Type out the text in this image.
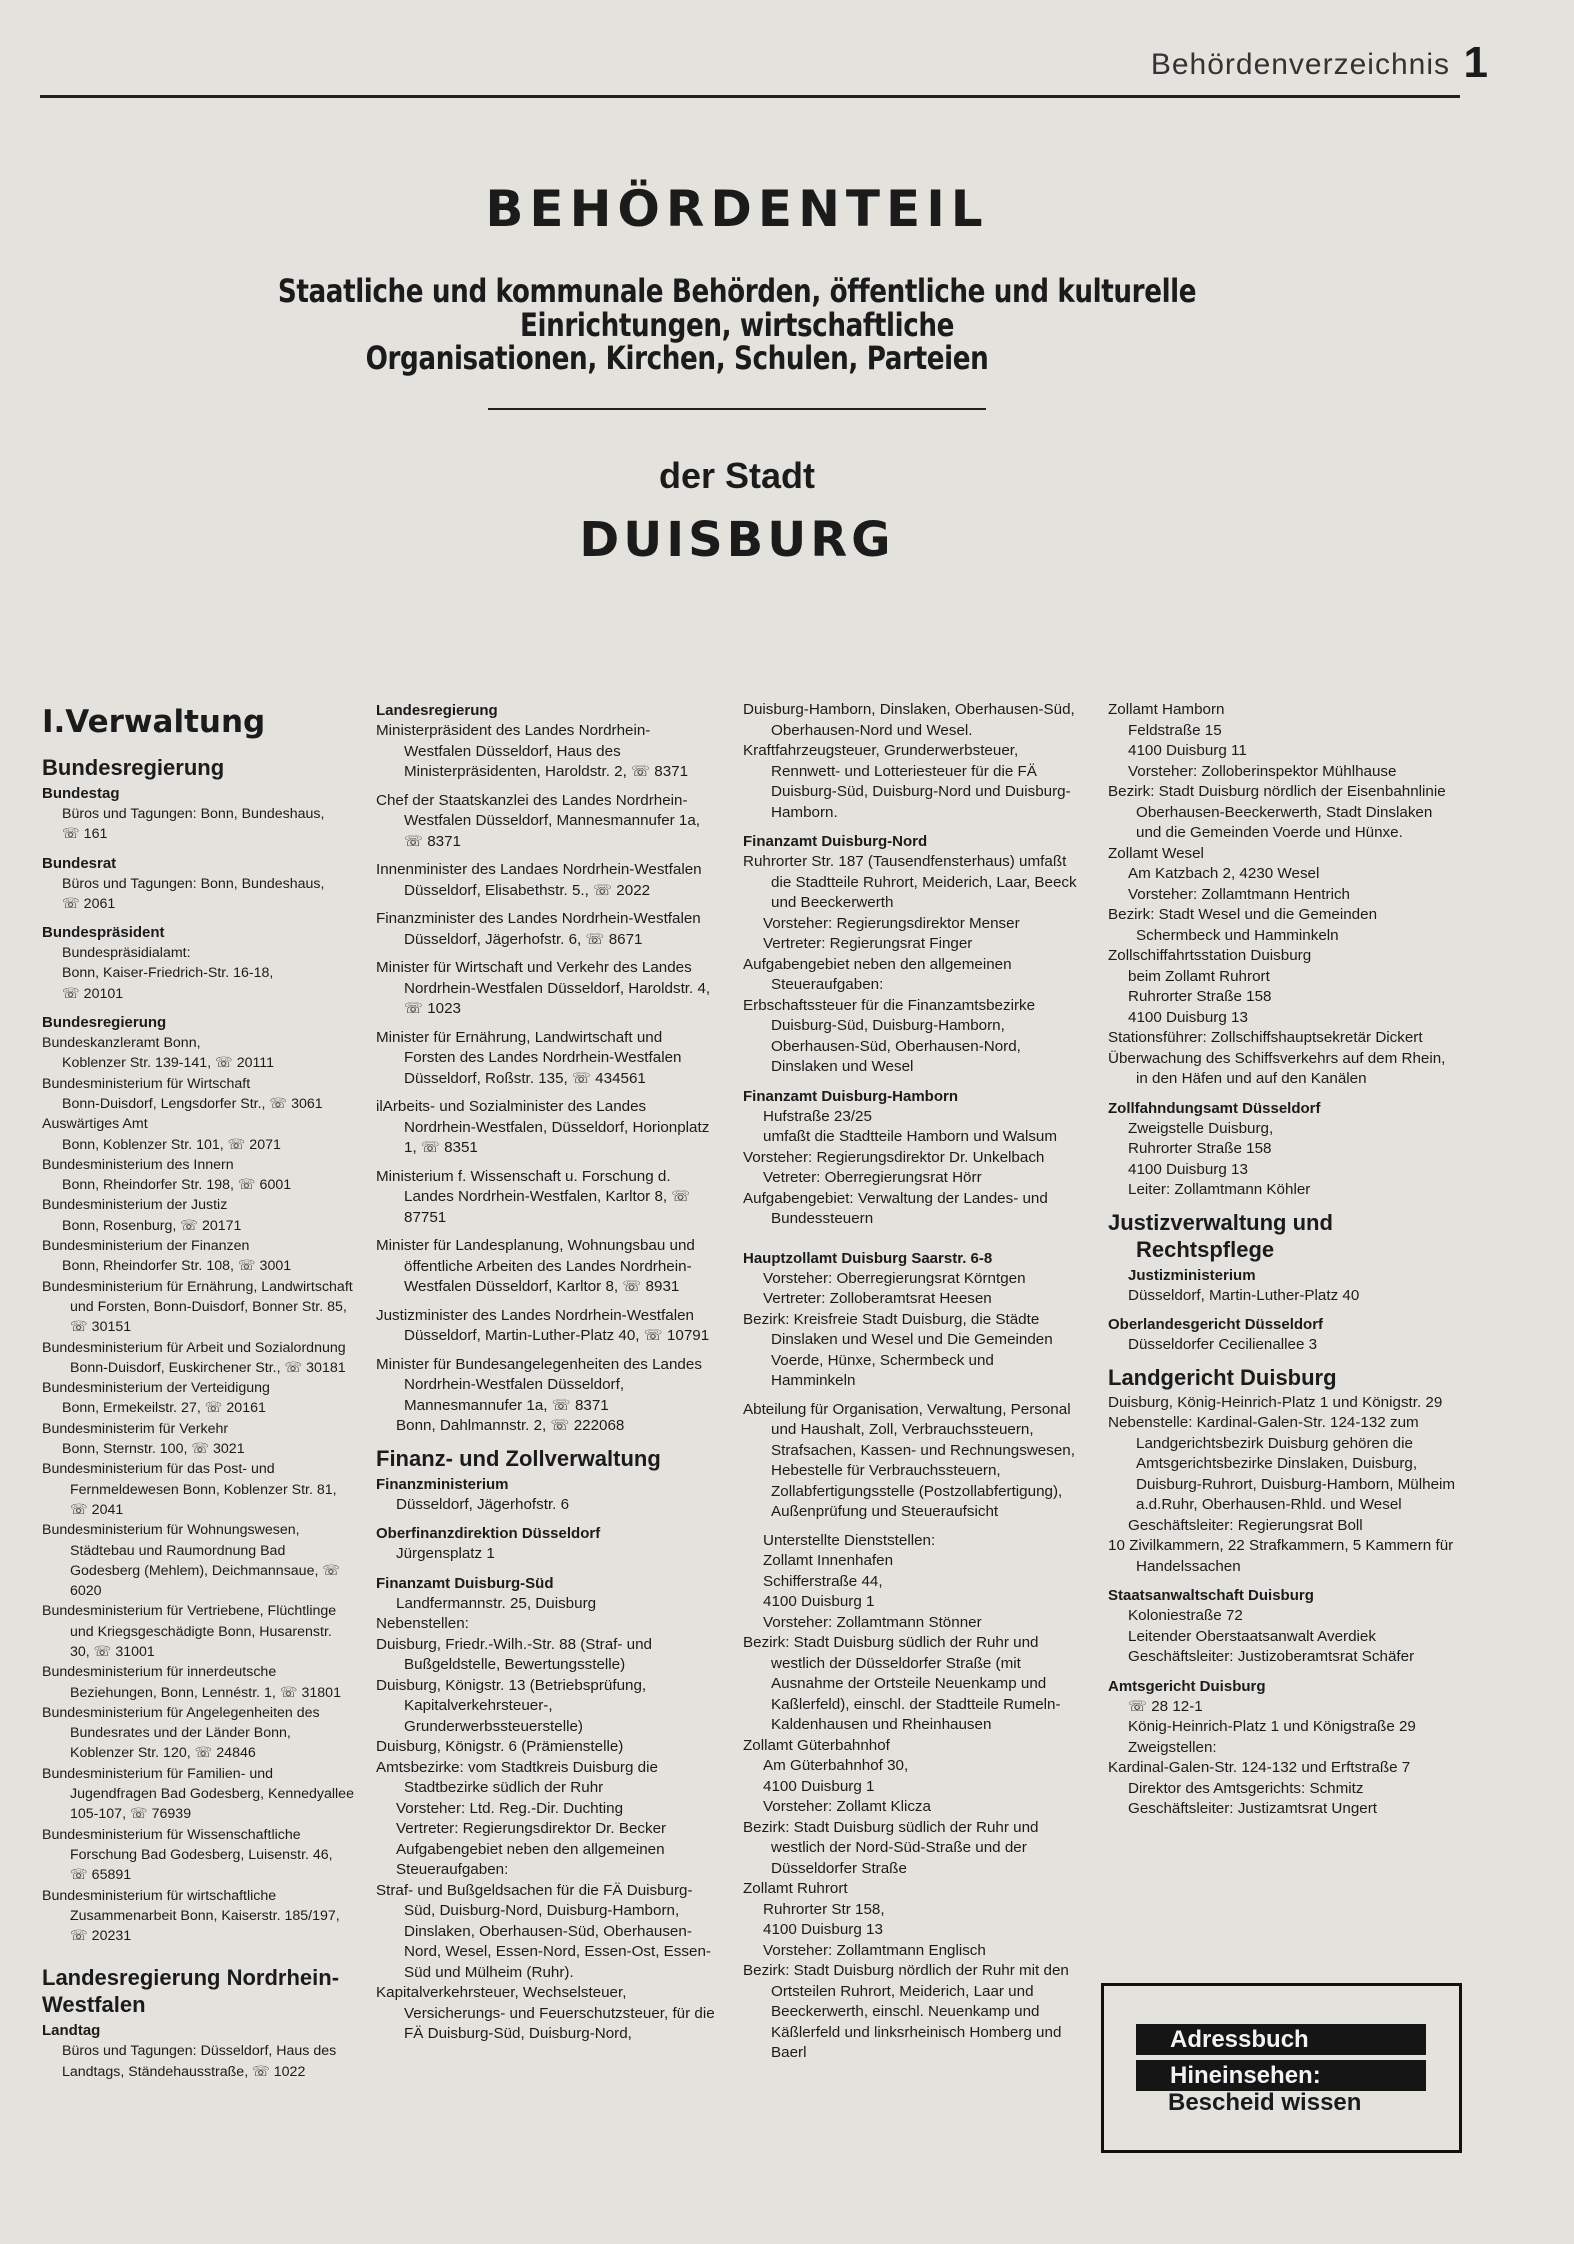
Behördenverzeichnis 1
BEHÖRDENTEIL
Staatliche und kommunale Behörden, öffentliche und kulturelle
Einrichtungen, wirtschaftliche
Organisationen, Kirchen, Schulen, Parteien
der Stadt
DUISBURG
I.Verwaltung
Bundesregierung
Bundestag
Büros und Tagungen: Bonn, Bundeshaus,
☏ 161
Bundesrat
Büros und Tagungen: Bonn, Bundeshaus,
☏ 2061
Bundespräsident
Bundespräsidialamt:
Bonn, Kaiser-Friedrich-Str. 16-18,
☏ 20101
Bundesregierung
Bundeskanzleramt Bonn,
Koblenzer Str. 139-141, ☏ 20111
Bundesministerium für Wirtschaft
Bonn-Duisdorf, Lengsdorfer Str., ☏ 3061
Auswärtiges Amt
Bonn, Koblenzer Str. 101, ☏ 2071
Bundesministerium des Innern
Bonn, Rheindorfer Str. 198, ☏ 6001
Bundesministerium der Justiz
Bonn, Rosenburg, ☏ 20171
Bundesministerium der Finanzen
Bonn, Rheindorfer Str. 108, ☏ 3001
Bundesministerium für Ernährung, Landwirtschaft und Forsten, Bonn-Duisdorf, Bonner Str. 85, ☏ 30151
Bundesministerium für Arbeit und Sozialordnung Bonn-Duisdorf, Euskirchener Str., ☏ 30181
Bundesministerium der Verteidigung
Bonn, Ermekeilstr. 27, ☏ 20161
Bundesministerim für Verkehr
Bonn, Sternstr. 100, ☏ 3021
Bundesministerium für das Post- und Fernmeldewesen Bonn, Koblenzer Str. 81, ☏ 2041
Bundesministerium für Wohnungswesen, Städtebau und Raumordnung Bad Godesberg (Mehlem), Deichmannsaue, ☏ 6020
Bundesministerium für Vertriebene, Flüchtlinge und Kriegsgeschädigte Bonn, Husarenstr. 30, ☏ 31001
Bundesministerium für innerdeutsche Beziehungen, Bonn, Lennéstr. 1, ☏ 31801
Bundesministerium für Angelegenheiten des Bundesrates und der Länder Bonn, Koblenzer Str. 120, ☏ 24846
Bundesministerium für Familien- und Jugendfragen Bad Godesberg, Kennedyallee 105-107, ☏ 76939
Bundesministerium für Wissenschaftliche Forschung Bad Godesberg, Luisenstr. 46, ☏ 65891
Bundesministerium für wirtschaftliche Zusammenarbeit Bonn, Kaiserstr. 185/197, ☏ 20231
Landesregierung Nordrhein-Westfalen
Landtag
Büros und Tagungen: Düsseldorf, Haus des Landtags, Ständehausstraße, ☏ 1022
Landesregierung
Ministerpräsident des Landes Nordrhein-Westfalen Düsseldorf, Haus des Ministerpräsidenten, Haroldstr. 2, ☏ 8371
Chef der Staatskanzlei des Landes Nordrhein-Westfalen Düsseldorf, Mannesmannufer 1a, ☏ 8371
Innenminister des Landaes Nordrhein-Westfalen Düsseldorf, Elisabethstr. 5., ☏ 2022
Finanzminister des Landes Nordrhein-Westfalen Düsseldorf, Jägerhofstr. 6, ☏ 8671
Minister für Wirtschaft und Verkehr des Landes Nordrhein-Westfalen Düsseldorf, Haroldstr. 4, ☏ 1023
Minister für Ernährung, Landwirtschaft und Forsten des Landes Nordrhein-Westfalen Düsseldorf, Roßstr. 135, ☏ 434561
ilArbeits- und Sozialminister des Landes Nordrhein-Westfalen, Düsseldorf, Horionplatz 1, ☏ 8351
Ministerium f. Wissenschaft u. Forschung d. Landes Nordrhein-Westfalen, Karltor 8, ☏ 87751
Minister für Landesplanung, Wohnungsbau und öffentliche Arbeiten des Landes Nordrhein-Westfalen Düsseldorf, Karltor 8, ☏ 8931
Justizminister des Landes Nordrhein-Westfalen Düsseldorf, Martin-Luther-Platz 40, ☏ 10791
Minister für Bundesangelegenheiten des Landes Nordrhein-Westfalen Düsseldorf, Mannesmannufer 1a, ☏ 8371
Bonn, Dahlmannstr. 2, ☏ 222068
Finanz- und Zollverwaltung
Finanzministerium
Düsseldorf, Jägerhofstr. 6
Oberfinanzdirektion Düsseldorf
Jürgensplatz 1
Finanzamt Duisburg-Süd
Landfermannstr. 25, Duisburg
Nebenstellen:
Duisburg, Friedr.-Wilh.-Str. 88 (Straf- und Bußgeldstelle, Bewertungsstelle)
Duisburg, Königstr. 13 (Betriebsprüfung, Kapitalverkehrsteuer-, Grunderwerbssteuerstelle)
Duisburg, Königstr. 6 (Prämienstelle)
Amtsbezirke: vom Stadtkreis Duisburg die Stadtbezirke südlich der Ruhr
Vorsteher: Ltd. Reg.-Dir. Duchting
Vertreter: Regierungsdirektor Dr. Becker
Aufgabengebiet neben den allgemeinen Steueraufgaben:
Straf- und Bußgeldsachen für die FÄ Duisburg-Süd, Duisburg-Nord, Duisburg-Hamborn, Dinslaken, Oberhausen-Süd, Oberhausen-Nord, Wesel, Essen-Nord, Essen-Ost, Essen-Süd und Mülheim (Ruhr).
Kapitalverkehrsteuer, Wechselsteuer, Versicherungs- und Feuerschutzsteuer, für die FÄ Duisburg-Süd, Duisburg-Nord,
Duisburg-Hamborn, Dinslaken, Oberhausen-Süd, Oberhausen-Nord und Wesel.
Kraftfahrzeugsteuer, Grunderwerbsteuer, Rennwett- und Lotteriesteuer für die FÄ Duisburg-Süd, Duisburg-Nord und Duisburg-Hamborn.
Finanzamt Duisburg-Nord
Ruhrorter Str. 187 (Tausendfensterhaus) umfaßt die Stadtteile Ruhrort, Meiderich, Laar, Beeck und Beeckerwerth
Vorsteher: Regierungsdirektor Menser
Vertreter: Regierungsrat Finger
Aufgabengebiet neben den allgemeinen Steueraufgaben:
Erbschaftssteuer für die Finanzamtsbezirke Duisburg-Süd, Duisburg-Hamborn, Oberhausen-Süd, Oberhausen-Nord, Dinslaken und Wesel
Finanzamt Duisburg-Hamborn
Hufstraße 23/25
umfaßt die Stadtteile Hamborn und Walsum
Vorsteher: Regierungsdirektor Dr. Unkelbach
Vetreter: Oberregierungsrat Hörr
Aufgabengebiet: Verwaltung der Landes- und Bundessteuern
Hauptzollamt Duisburg Saarstr. 6-8
Vorsteher: Oberregierungsrat Körntgen
Vertreter: Zolloberamtsrat Heesen
Bezirk: Kreisfreie Stadt Duisburg, die Städte Dinslaken und Wesel und Die Gemeinden Voerde, Hünxe, Schermbeck und Hamminkeln
Abteilung für Organisation, Verwaltung, Personal und Haushalt, Zoll, Verbrauchssteuern, Strafsachen, Kassen- und Rechnungswesen, Hebestelle für Verbrauchssteuern, Zollabfertigungsstelle (Postzollabfertigung), Außenprüfung und Steueraufsicht
Unterstellte Dienststellen:
Zollamt Innenhafen
Schifferstraße 44,
4100 Duisburg 1
Vorsteher: Zollamtmann Stönner
Bezirk: Stadt Duisburg südlich der Ruhr und westlich der Düsseldorfer Straße (mit Ausnahme der Ortsteile Neuenkamp und Kaßlerfeld), einschl. der Stadtteile Rumeln-Kaldenhausen und Rheinhausen
Zollamt Güterbahnhof
Am Güterbahnhof 30,
4100 Duisburg 1
Vorsteher: Zollamt Klicza
Bezirk: Stadt Duisburg südlich der Ruhr und westlich der Nord-Süd-Straße und der Düsseldorfer Straße
Zollamt Ruhrort
Ruhrorter Str 158,
4100 Duisburg 13
Vorsteher: Zollamtmann Englisch
Bezirk: Stadt Duisburg nördlich der Ruhr mit den Ortsteilen Ruhrort, Meiderich, Laar und Beeckerwerth, einschl. Neuenkamp und Käßlerfeld und linksrheinisch Homberg und Baerl
Zollamt Hamborn
Feldstraße 15
4100 Duisburg 11
Vorsteher: Zolloberinspektor Mühlhause
Bezirk: Stadt Duisburg nördlich der Eisenbahnlinie Oberhausen-Beeckerwerth, Stadt Dinslaken und die Gemeinden Voerde und Hünxe.
Zollamt Wesel
Am Katzbach 2, 4230 Wesel
Vorsteher: Zollamtmann Hentrich
Bezirk: Stadt Wesel und die Gemeinden Schermbeck und Hamminkeln
Zollschiffahrtsstation Duisburg
beim Zollamt Ruhrort
Ruhrorter Straße 158
4100 Duisburg 13
Stationsführer: Zollschiffshauptsekretär Dickert
Überwachung des Schiffsverkehrs auf dem Rhein, in den Häfen und auf den Kanälen
Zollfahndungsamt Düsseldorf
Zweigstelle Duisburg,
Ruhrorter Straße 158
4100 Duisburg 13
Leiter: Zollamtmann Köhler
Justizverwaltung und Rechtspflege
Justizministerium
Düsseldorf, Martin-Luther-Platz 40
Oberlandesgericht Düsseldorf
Düsseldorfer Cecilienallee 3
Landgericht Duisburg
Duisburg, König-Heinrich-Platz 1 und Königstr. 29
Nebenstelle: Kardinal-Galen-Str. 124-132 zum Landgerichtsbezirk Duisburg gehören die Amtsgerichtsbezirke Dinslaken, Duisburg, Duisburg-Ruhrort, Duisburg-Hamborn, Mülheim a.d.Ruhr, Oberhausen-Rhld. und Wesel
Geschäftsleiter: Regierungsrat Boll
10 Zivilkammern, 22 Strafkammern, 5 Kammern für Handelssachen
Staatsanwaltschaft Duisburg
Koloniestraße 72
Leitender Oberstaatsanwalt Averdiek
Geschäftsleiter: Justizoberamtsrat Schäfer
Amtsgericht Duisburg
☏ 28 12-1
König-Heinrich-Platz 1 und Königstraße 29
Zweigstellen:
Kardinal-Galen-Str. 124-132 und Erftstraße 7
Direktor des Amtsgerichts: Schmitz
Geschäftsleiter: Justizamtsrat Ungert
Adressbuch
Hineinsehen:
Bescheid wissen
